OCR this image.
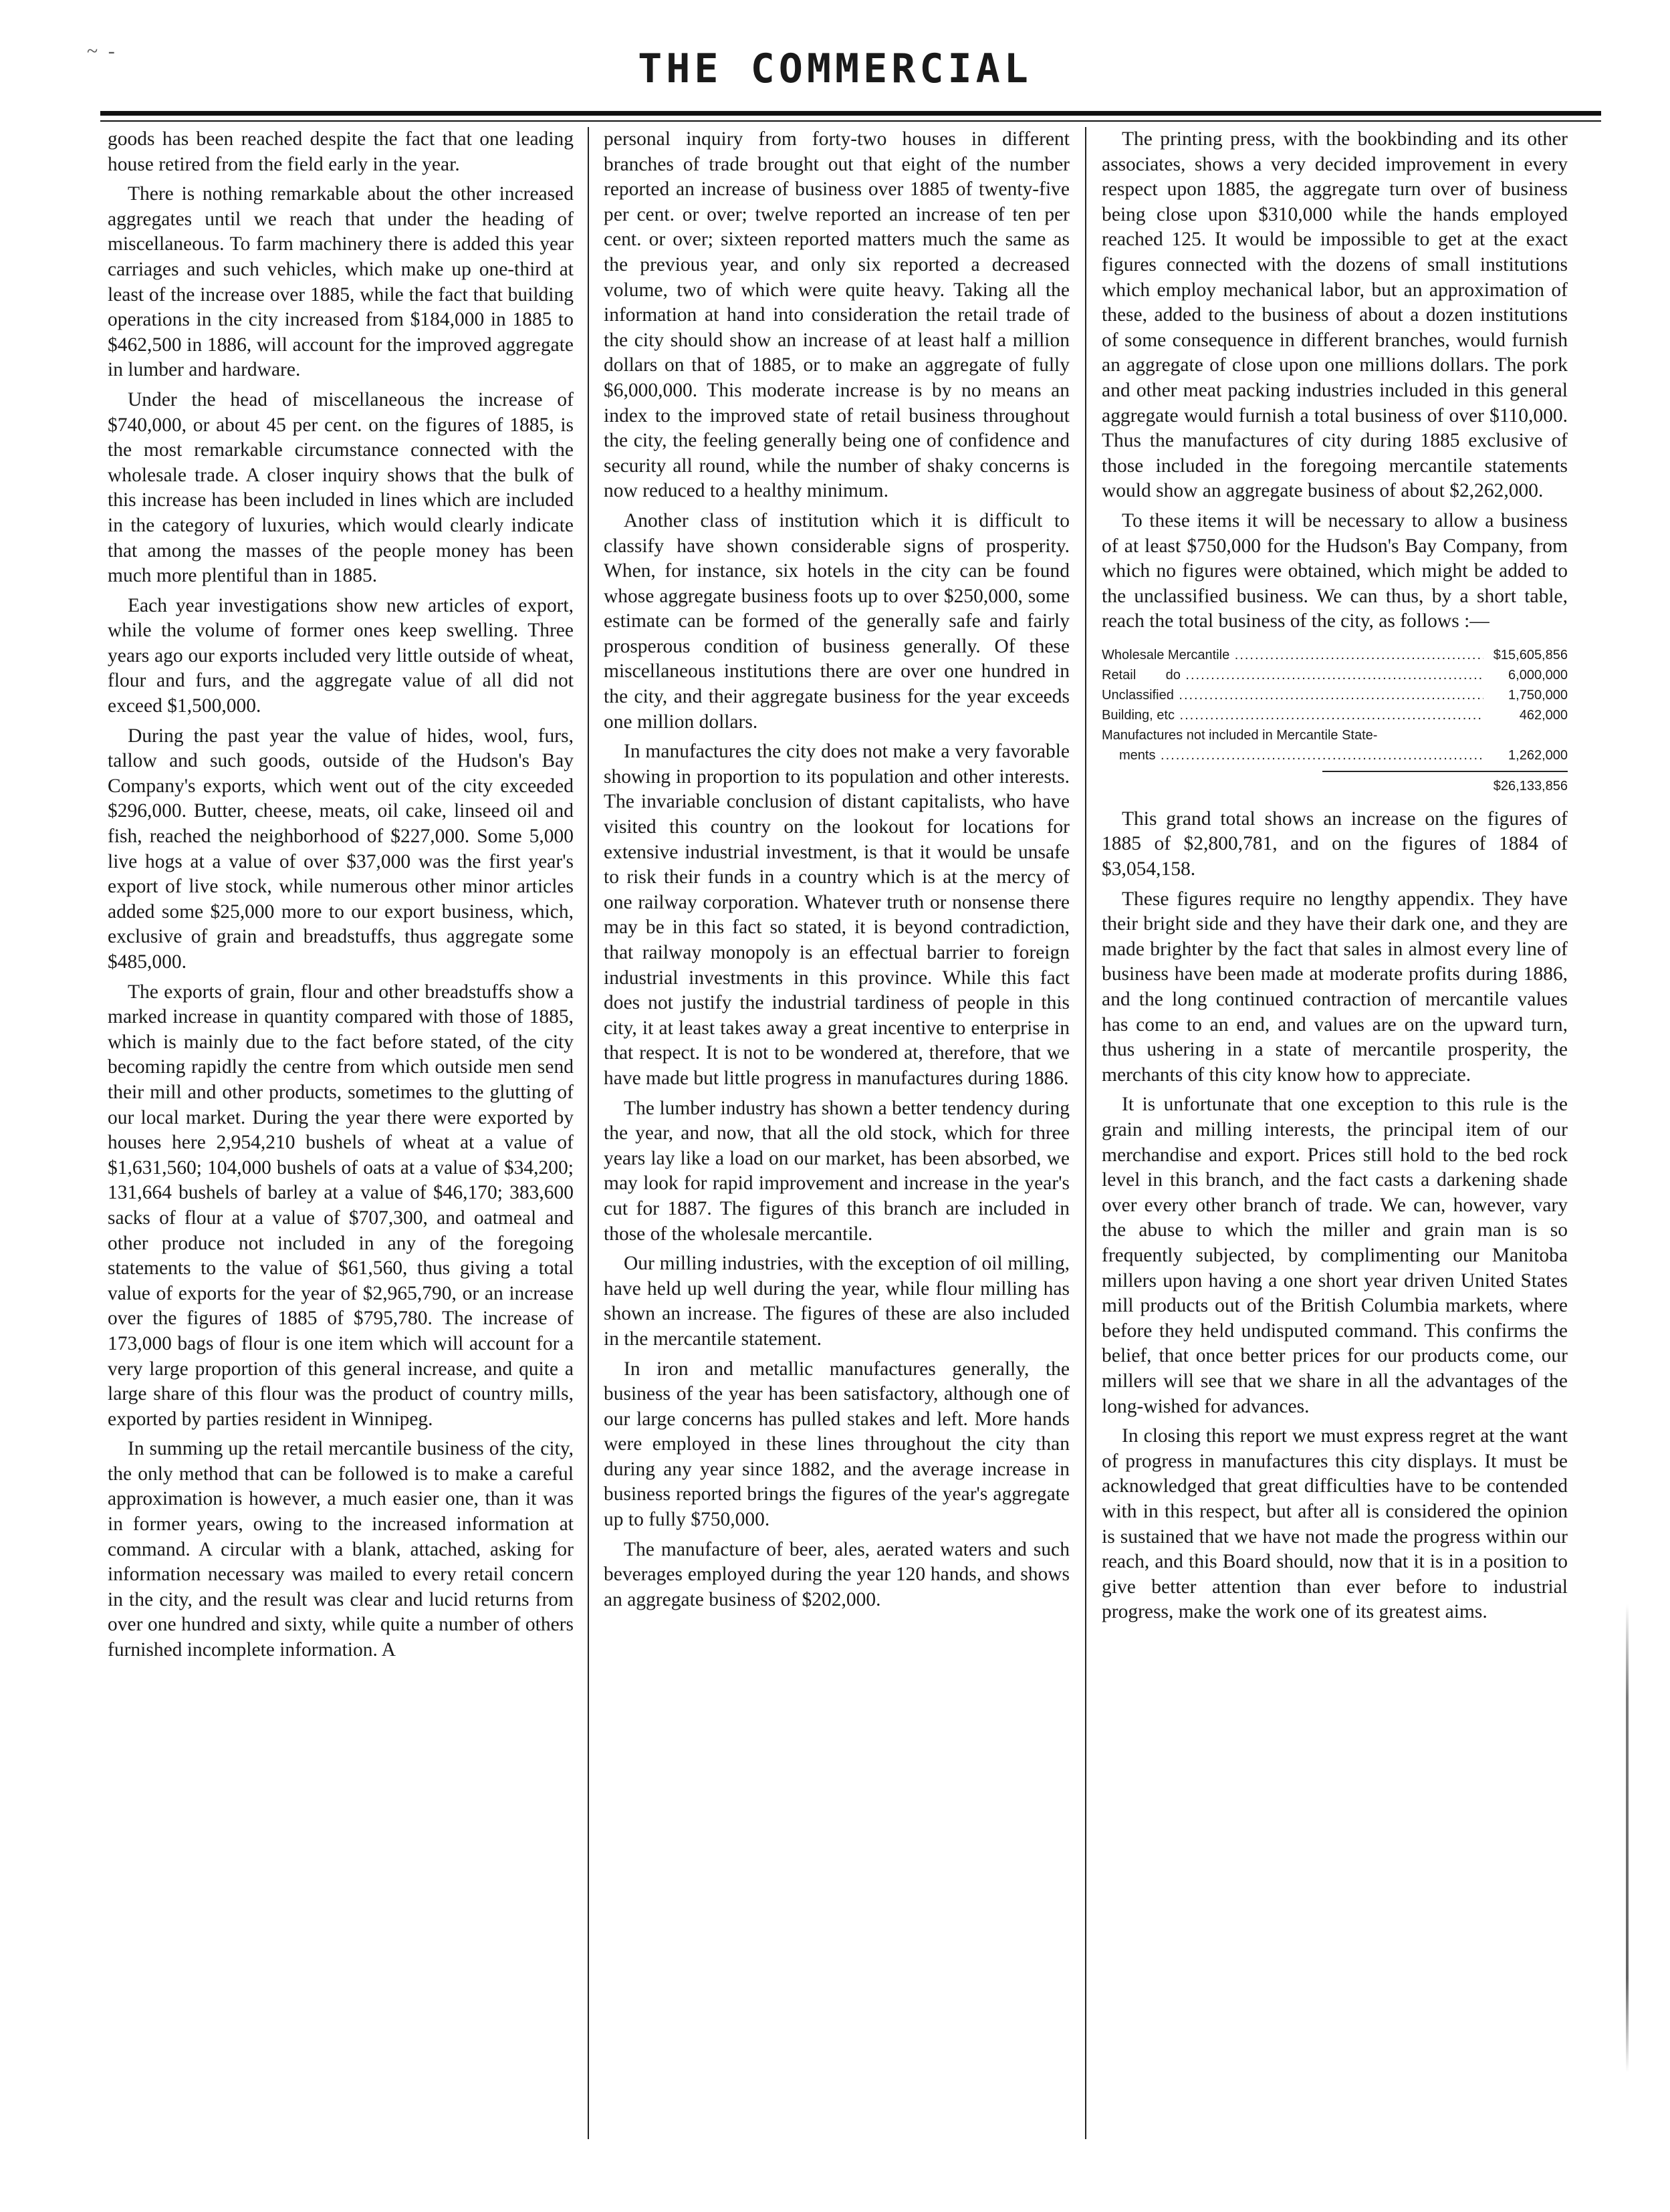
~ -	THE COMMERCIAL

goods has been reached despite the fact that one leading house retired from the field early in the year.

There is nothing remarkable about the other increased aggregates until we reach that under the heading of miscellaneous. To farm machinery there is added this year carriages and such vehicles, which make up one-third at least of the increase over 1885, while the fact that building operations in the city increased from $184,000 in 1885 to $462,500 in 1886, will account for the improved aggregate in lumber and hardware.

Under the head of miscellaneous the increase of $740,000, or about 45 per cent. on the figures of 1885, is the most remarkable circumstance connected with the wholesale trade. A closer inquiry shows that the bulk of this increase has been included in lines which are included in the category of luxuries, which would clearly indicate that among the masses of the people money has been much more plentiful than in 1885.

Each year investigations show new articles of export, while the volume of former ones keep swelling. Three years ago our exports included very little outside of wheat, flour and furs, and the aggregate value of all did not exceed $1,500,000.

During the past year the value of hides, wool, furs, tallow and such goods, outside of the Hudson's Bay Company's exports, which went out of the city exceeded $296,000. Butter, cheese, meats, oil cake, linseed oil and fish, reached the neighborhood of $227,000. Some 5,000 live hogs at a value of over $37,000 was the first year's export of live stock, while numerous other minor articles added some $25,000 more to our export business, which, exclusive of grain and breadstuffs, thus aggregate some $485,000.

The exports of grain, flour and other breadstuffs show a marked increase in quantity compared with those of 1885, which is mainly due to the fact before stated, of the city becoming rapidly the centre from which outside men send their mill and other products, sometimes to the glutting of our local market. During the year there were exported by houses here 2,954,210 bushels of wheat at a value of $1,631,560; 104,000 bushels of oats at a value of $34,200; 131,664 bushels of barley at a value of $46,170; 383,600 sacks of flour at a value of $707,300, and oatmeal and other produce not included in any of the foregoing statements to the value of $61,560, thus giving a total value of exports for the year of $2,965,790, or an increase over the figures of 1885 of $795,780. The increase of 173,000 bags of flour is one item which will account for a very large proportion of this general increase, and quite a large share of this flour was the product of country mills, exported by parties resident in Winnipeg.

In summing up the retail mercantile business of the city, the only method that can be followed is to make a careful approximation is however, a much easier one, than it was in former years, owing to the increased information at command. A circular with a blank, attached, asking for information necessary was mailed to every retail concern in the city, and the result was clear and lucid returns from over one hundred and sixty, while quite a number of others furnished incomplete information. A

personal inquiry from forty-two houses in different branches of trade brought out that eight of the number reported an increase of business over 1885 of twenty-five per cent. or over; twelve reported an increase of ten per cent. or over; sixteen reported matters much the same as the previous year, and only six reported a decreased volume, two of which were quite heavy. Taking all the information at hand into consideration the retail trade of the city should show an increase of at least half a million dollars on that of 1885, or to make an aggregate of fully $6,000,000. This moderate increase is by no means an index to the improved state of retail business throughout the city, the feeling generally being one of confidence and security all round, while the number of shaky concerns is now reduced to a healthy minimum.

Another class of institution which it is difficult to classify have shown considerable signs of prosperity. When, for instance, six hotels in the city can be found whose aggregate business foots up to over $250,000, some estimate can be formed of the generally safe and fairly prosperous condition of business generally. Of these miscellaneous institutions there are over one hundred in the city, and their aggregate business for the year exceeds one million dollars.

In manufactures the city does not make a very favorable showing in proportion to its population and other interests. The invariable conclusion of distant capitalists, who have visited this country on the lookout for locations for extensive industrial investment, is that it would be unsafe to risk their funds in a country which is at the mercy of one railway corporation. Whatever truth or nonsense there may be in this fact so stated, it is beyond contradiction, that railway monopoly is an effectual barrier to foreign industrial investments in this province. While this fact does not justify the industrial tardiness of people in this city, it at least takes away a great incentive to enterprise in that respect. It is not to be wondered at, therefore, that we have made but little progress in manufactures during 1886.

The lumber industry has shown a better tendency during the year, and now, that all the old stock, which for three years lay like a load on our market, has been absorbed, we may look for rapid improvement and increase in the year's cut for 1887. The figures of this branch are included in those of the wholesale mercantile.

Our milling industries, with the exception of oil milling, have held up well during the year, while flour milling has shown an increase. The figures of these are also included in the mercantile statement.

In iron and metallic manufactures generally, the business of the year has been satisfactory, although one of our large concerns has pulled stakes and left. More hands were employed in these lines throughout the city than during any year since 1882, and the average increase in business reported brings the figures of the year's aggregate up to fully $750,000.

The manufacture of beer, ales, aerated waters and such beverages employed during the year 120 hands, and shows an aggregate business of $202,000.

The printing press, with the bookbinding and its other associates, shows a very decided improvement in every respect upon 1885, the aggregate turn over of business being close upon $310,000 while the hands employed reached 125. It would be impossible to get at the exact figures connected with the dozens of small institutions which employ mechanical labor, but an approximation of these, added to the business of about a dozen institutions of some consequence in different branches, would furnish an aggregate of close upon one millions dollars. The pork and other meat packing industries included in this general aggregate would furnish a total business of over $110,000. Thus the manufactures of city during 1885 exclusive of those included in the foregoing mercantile statements would show an aggregate business of about $2,262,000.

To these items it will be necessary to allow a business of at least $750,000 for the Hudson's Bay Company, from which no figures were obtained, which might be added to the unclassified business. We can thus, by a short table, reach the total business of the city, as follows :—

Wholesale Mercantile .....	$15,605,856
Retail        do .....	6,000,000
Unclassified .....	1,750,000
Building, etc .....	462,000
Manufactures not included in Mercantile State-
ments .....	1,262,000
$26,133,856

This grand total shows an increase on the figures of 1885 of $2,800,781, and on the figures of 1884 of $3,054,158.

These figures require no lengthy appendix. They have their bright side and they have their dark one, and they are made brighter by the fact that sales in almost every line of business have been made at moderate profits during 1886, and the long continued contraction of mercantile values has come to an end, and values are on the upward turn, thus ushering in a state of mercantile prosperity, the merchants of this city know how to appreciate.

It is unfortunate that one exception to this rule is the grain and milling interests, the principal item of our merchandise and export. Prices still hold to the bed rock level in this branch, and the fact casts a darkening shade over every other branch of trade. We can, however, vary the abuse to which the miller and grain man is so frequently subjected, by complimenting our Manitoba millers upon having a one short year driven United States mill products out of the British Columbia markets, where before they held undisputed command. This confirms the belief, that once better prices for our products come, our millers will see that we share in all the advantages of the long-wished for advances.

In closing this report we must express regret at the want of progress in manufactures this city displays. It must be acknowledged that great difficulties have to be contended with in this respect, but after all is considered the opinion is sustained that we have not made the progress within our reach, and this Board should, now that it is in a position to give better attention than ever before to industrial progress, make the work one of its greatest aims.
